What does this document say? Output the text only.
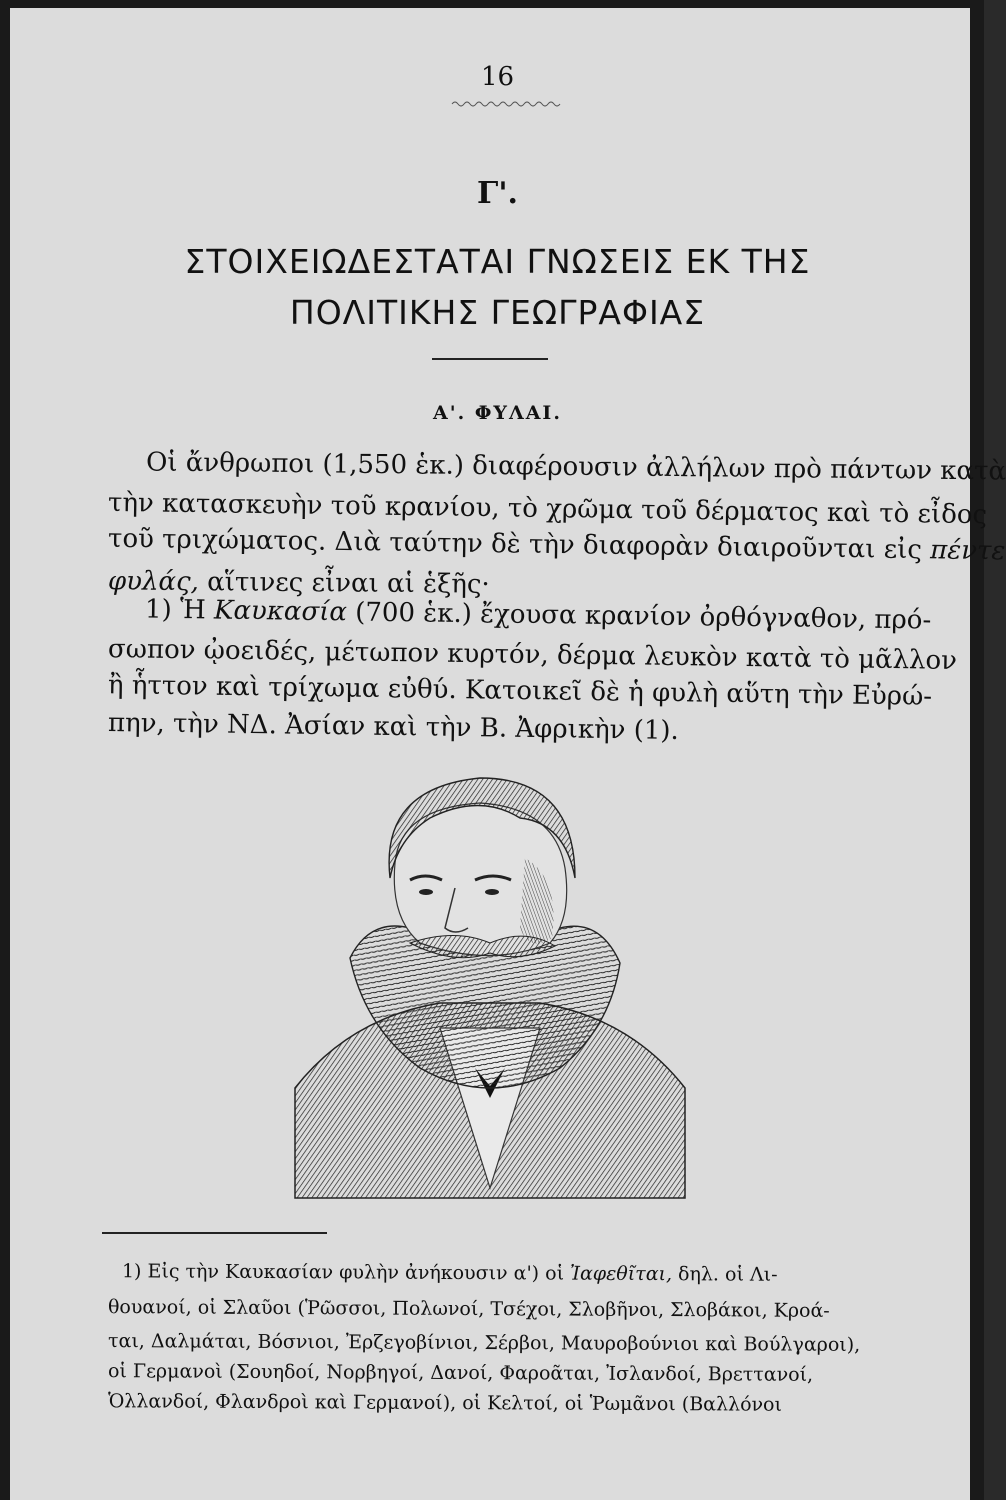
16
Γ'.
ΣΤΟΙΧΕΙΩΔΕΣΤΑΤΑΙ ΓΝΩΣΕΙΣ ΕΚ ΤΗΣ
ΠΟΛΙΤΙΚΗΣ ΓΕΩΓΡΑΦΙΑΣ
Α'. ΦΥΛΑΙ.
Οἱ ἄνθρωποι (1,550 ἑκ.) διαφέρουσιν ἀλλήλων πρὸ πάντων κατὰ
τὴν κατασκευὴν τοῦ κρανίου, τὸ χρῶμα τοῦ δέρματος καὶ τὸ εἶδος
τοῦ τριχώματος. Διὰ ταύτην δὲ τὴν διαφορὰν διαιροῦνται εἰς πέντε
φυλάς, αἵτινες εἶναι αἱ ἑξῆς·
1) Ἡ Καυκασία (700 ἑκ.) ἔχουσα κρανίον ὀρθόγναθον, πρό-
σωπον ᾠοειδές, μέτωπον κυρτόν, δέρμα λευκὸν κατὰ τὸ μᾶλλον
ἢ ἧττον καὶ τρίχωμα εὐθύ. Κατοικεῖ δὲ ἡ φυλὴ αὕτη τὴν Εὐρώ-
πην, τὴν ΝΔ. Ἀσίαν καὶ τὴν Β. Ἀφρικὴν (1).
1) Εἰς τὴν Καυκασίαν φυλὴν ἀνήκουσιν α') οἱ Ἰαφεθῖται, δηλ. οἱ Λι-
θουανοί, οἱ Σλαῦοι (Ῥῶσσοι, Πολωνοί, Τσέχοι, Σλοβῆνοι, Σλοβάκοι, Κροά-
ται, Δαλμάται, Βόσνιοι, Ἐρζεγοβίνιοι, Σέρβοι, Μαυροβούνιοι καὶ Βούλγαροι),
οἱ Γερμανοὶ (Σουηδοί, Νορβηγοί, Δανοί, Φαροᾶται, Ἰσλανδοί, Βρεττανοί,
Ὁλλανδοί, Φλανδροὶ καὶ Γερμανοί), οἱ Κελτοί, οἱ Ῥωμᾶνοι (Βαλλόνοι
